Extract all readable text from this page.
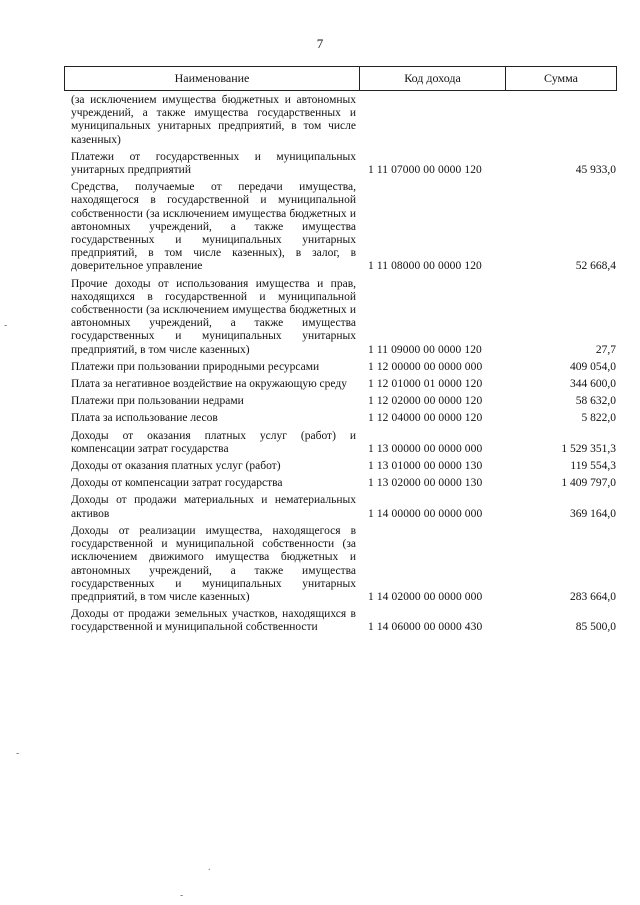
7
Наименование	Код дохода	Сумма
(за исключением имущества бюджетных и автономных учреждений, а также имущества государственных и муниципальных унитарных предприятий, в том числе казенных)
Платежи от государственных и муниципальных унитарных предприятий	1 11 07000 00 0000 120	45 933,0
Средства, получаемые от передачи имущества, находящегося в государственной и муниципальной собственности (за исключением имущества бюджетных и автономных учреждений, а также имущества государственных и муниципальных унитарных предприятий, в том числе казенных), в залог, в доверительное управление	1 11 08000 00 0000 120	52 668,4
Прочие доходы от использования имущества и прав, находящихся в государственной и муниципальной собственности (за исключением имущества бюджетных и автономных учреждений, а также имущества государственных и муниципальных унитарных предприятий, в том числе казенных)	1 11 09000 00 0000 120	27,7
Платежи при пользовании природными ресурсами	1 12 00000 00 0000 000	409 054,0
Плата за негативное воздействие на окружающую среду	1 12 01000 01 0000 120	344 600,0
Платежи при пользовании недрами	1 12 02000 00 0000 120	58 632,0
Плата за использование лесов	1 12 04000 00 0000 120	5 822,0
Доходы от оказания платных услуг (работ) и компенсации затрат государства	1 13 00000 00 0000 000	1 529 351,3
Доходы от оказания платных услуг (работ)	1 13 01000 00 0000 130	119 554,3
Доходы от компенсации затрат государства	1 13 02000 00 0000 130	1 409 797,0
Доходы от продажи материальных и нематериальных активов	1 14 00000 00 0000 000	369 164,0
Доходы от реализации имущества, находящегося в государственной и муниципальной собственности (за исключением движимого имущества бюджетных и автономных учреждений, а также имущества государственных и муниципальных унитарных предприятий, в том числе казенных)	1 14 02000 00 0000 000	283 664,0
Доходы от продажи земельных участков, находящихся в государственной и муниципальной собственности	1 14 06000 00 0000 430	85 500,0
-
-
.
-
